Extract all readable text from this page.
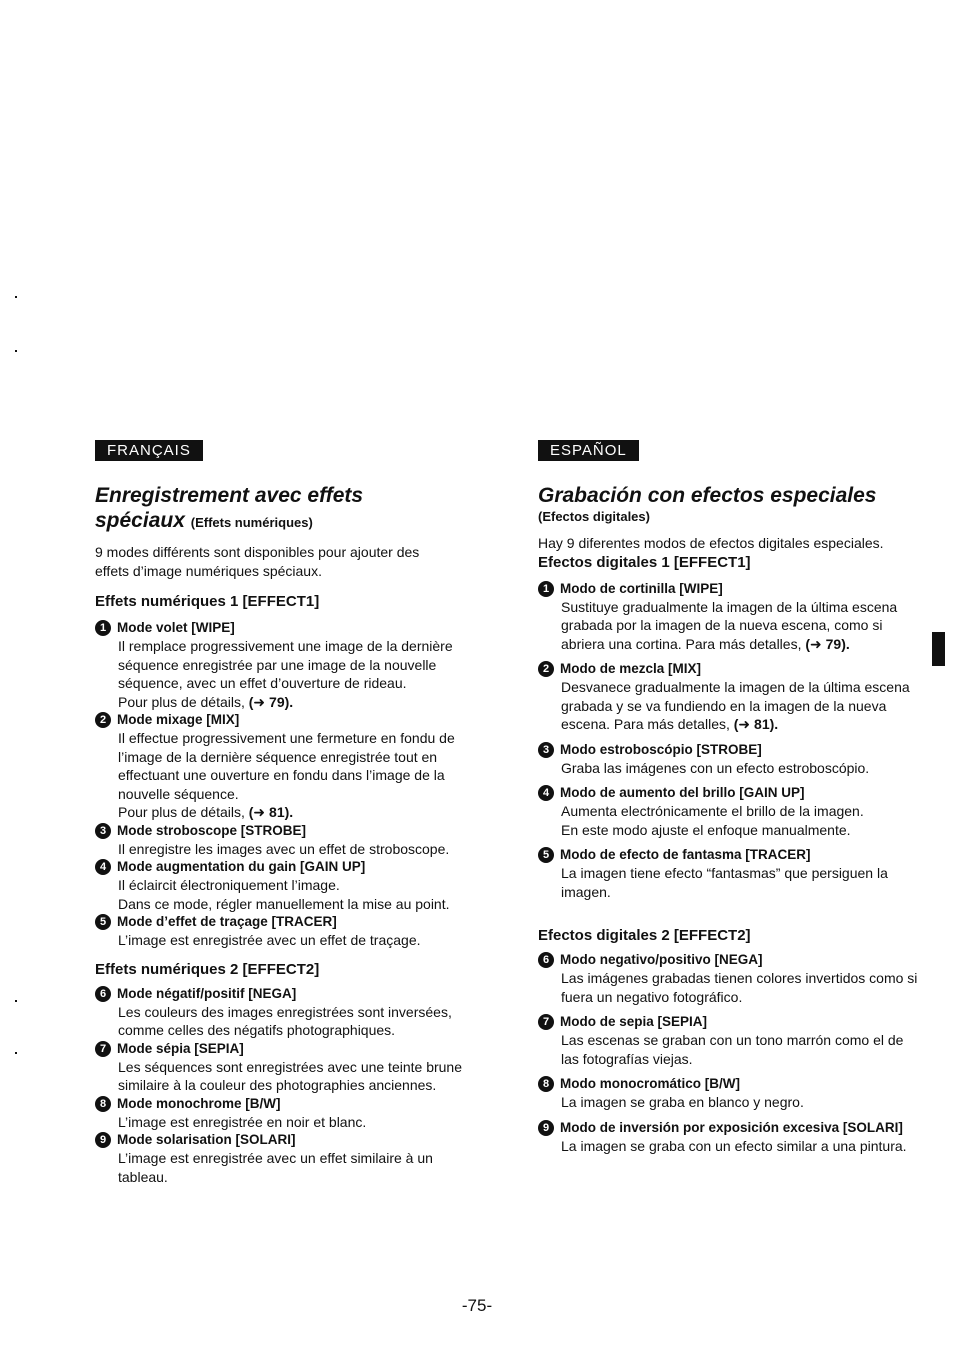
FRANÇAIS
Enregistrement avec effets
spéciaux (Effets numériques)

9 modes différents sont disponibles pour ajouter des effets d’image numériques spéciaux.

Effets numériques 1 [EFFECT1]
1 Mode volet [WIPE]

Il remplace progressivement une image de la dernière séquence enregistrée par une image de la nouvelle séquence, avec un effet d’ouverture de rideau.

Pour plus de détails, (➜ 79).

2 Mode mixage [MIX]

Il effectue progressivement une fermeture en fondu de l’image de la dernière séquence enregistrée tout en effectuant une ouverture en fondu dans l’image de la nouvelle séquence.

Pour plus de détails, (➜ 81).

3 Mode stroboscope [STROBE]

Il enregistre les images avec un effet de stroboscope.

4 Mode augmentation du gain [GAIN UP]

Il éclaircit électroniquement l’image.

Dans ce mode, régler manuellement la mise au point.

5 Mode d’effet de traçage [TRACER]

L’image est enregistrée avec un effet de traçage.

Effets numériques 2 [EFFECT2]
6 Mode négatif/positif [NEGA]

Les couleurs des images enregistrées sont inversées, comme celles des négatifs photographiques.

7 Mode sépia [SEPIA]

Les séquences sont enregistrées avec une teinte brune similaire à la couleur des photographies anciennes.

8 Mode monochrome [B/W]

L’image est enregistrée en noir et blanc.

9 Mode solarisation [SOLARI]

L’image est enregistrée avec un effet similaire à un tableau.

ESPAÑOL
Grabación con efectos especiales
(Efectos digitales)

Hay 9 diferentes modos de efectos digitales especiales.

Efectos digitales 1 [EFFECT1]
1 Modo de cortinilla [WIPE]

Sustituye gradualmente la imagen de la última escena grabada por la imagen de la nueva escena, como si abriera una cortina. Para más detalles, (➜ 79).

2 Modo de mezcla [MIX]

Desvanece gradualmente la imagen de la última escena grabada y se va fundiendo en la imagen de la nueva escena. Para más detalles, (➜ 81).

3 Modo estroboscópio [STROBE]

Graba las imágenes con un efecto estroboscópio.

4 Modo de aumento del brillo [GAIN UP]

Aumenta electrónicamente el brillo de la imagen.

En este modo ajuste el enfoque manualmente.

5 Modo de efecto de fantasma [TRACER]

La imagen tiene efecto “fantasmas” que persiguen la imagen.

Efectos digitales 2 [EFFECT2]
6 Modo negativo/positivo [NEGA]

Las imágenes grabadas tienen colores invertidos como si fuera un negativo fotográfico.

7 Modo de sepia [SEPIA]

Las escenas se graban con un tono marrón como el de las fotografías viejas.

8 Modo monocromático [B/W]

La imagen se graba en blanco y negro.

9 Modo de inversión por exposición excesiva [SOLARI]

La imagen se graba con un efecto similar a una pintura.

-75-
